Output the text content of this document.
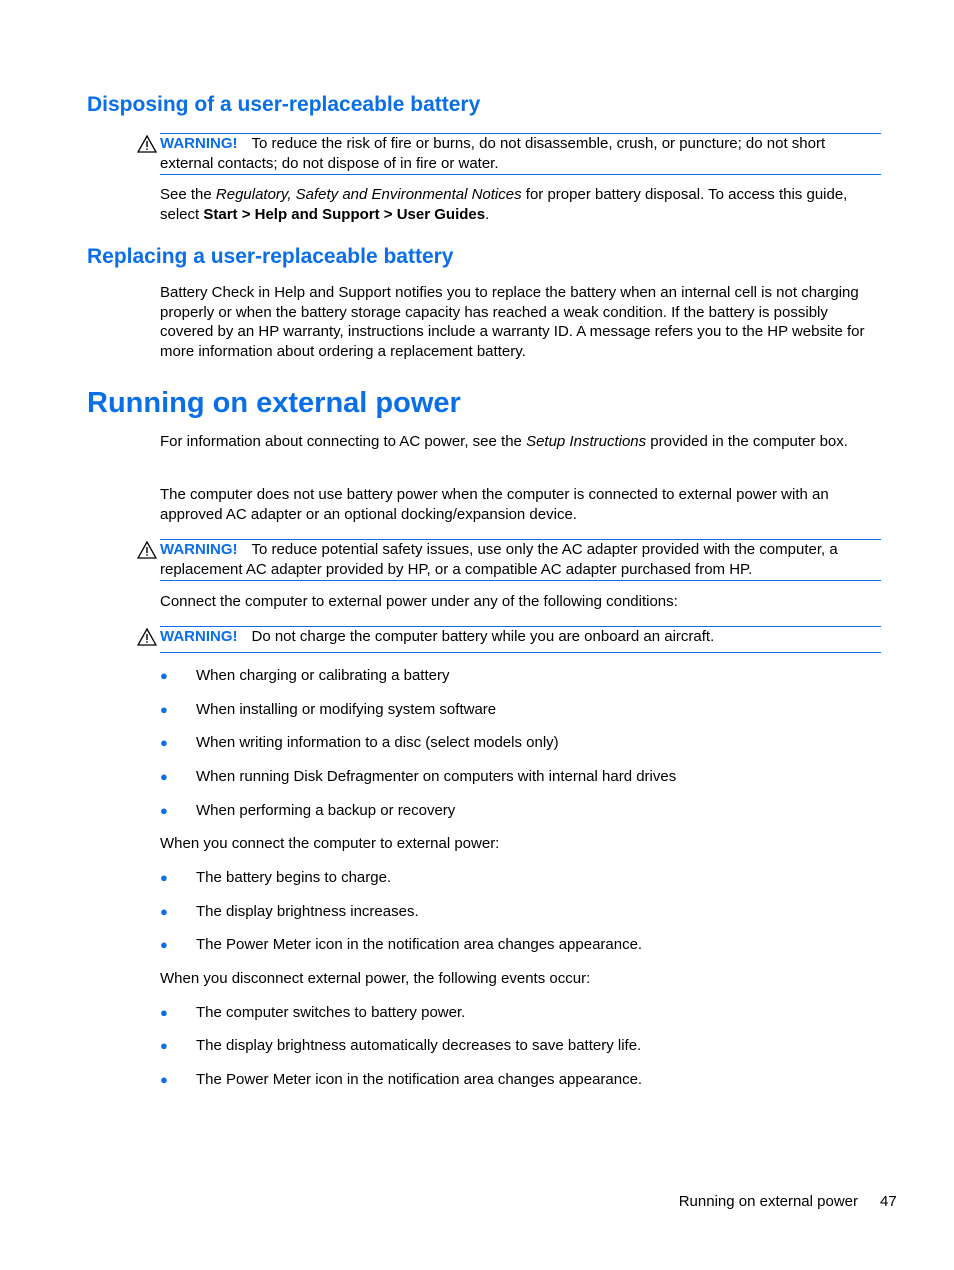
Disposing of a user-replaceable battery
WARNING! To reduce the risk of fire or burns, do not disassemble, crush, or puncture; do not short external contacts; do not dispose of in fire or water.

See the Regulatory, Safety and Environmental Notices for proper battery disposal. To access this guide, select Start > Help and Support > User Guides.

Replacing a user-replaceable battery

Battery Check in Help and Support notifies you to replace the battery when an internal cell is not charging properly or when the battery storage capacity has reached a weak condition. If the battery is possibly covered by an HP warranty, instructions include a warranty ID. A message refers you to the HP website for more information about ordering a replacement battery.

Running on external power

For information about connecting to AC power, see the Setup Instructions provided in the computer box.

The computer does not use battery power when the computer is connected to external power with an approved AC adapter or an optional docking/expansion device.

WARNING! To reduce potential safety issues, use only the AC adapter provided with the computer, a replacement AC adapter provided by HP, or a compatible AC adapter purchased from HP.

Connect the computer to external power under any of the following conditions:

WARNING! Do not charge the computer battery while you are onboard an aircraft.
● When charging or calibrating a battery
● When installing or modifying system software
● When writing information to a disc (select models only)
● When running Disk Defragmenter on computers with internal hard drives
● When performing a backup or recovery

When you connect the computer to external power:

● The battery begins to charge.
● The display brightness increases.
● The Power Meter icon in the notification area changes appearance.

When you disconnect external power, the following events occur:

● The computer switches to battery power.
● The display brightness automatically decreases to save battery life.
● The Power Meter icon in the notification area changes appearance.
Running on external power 47
